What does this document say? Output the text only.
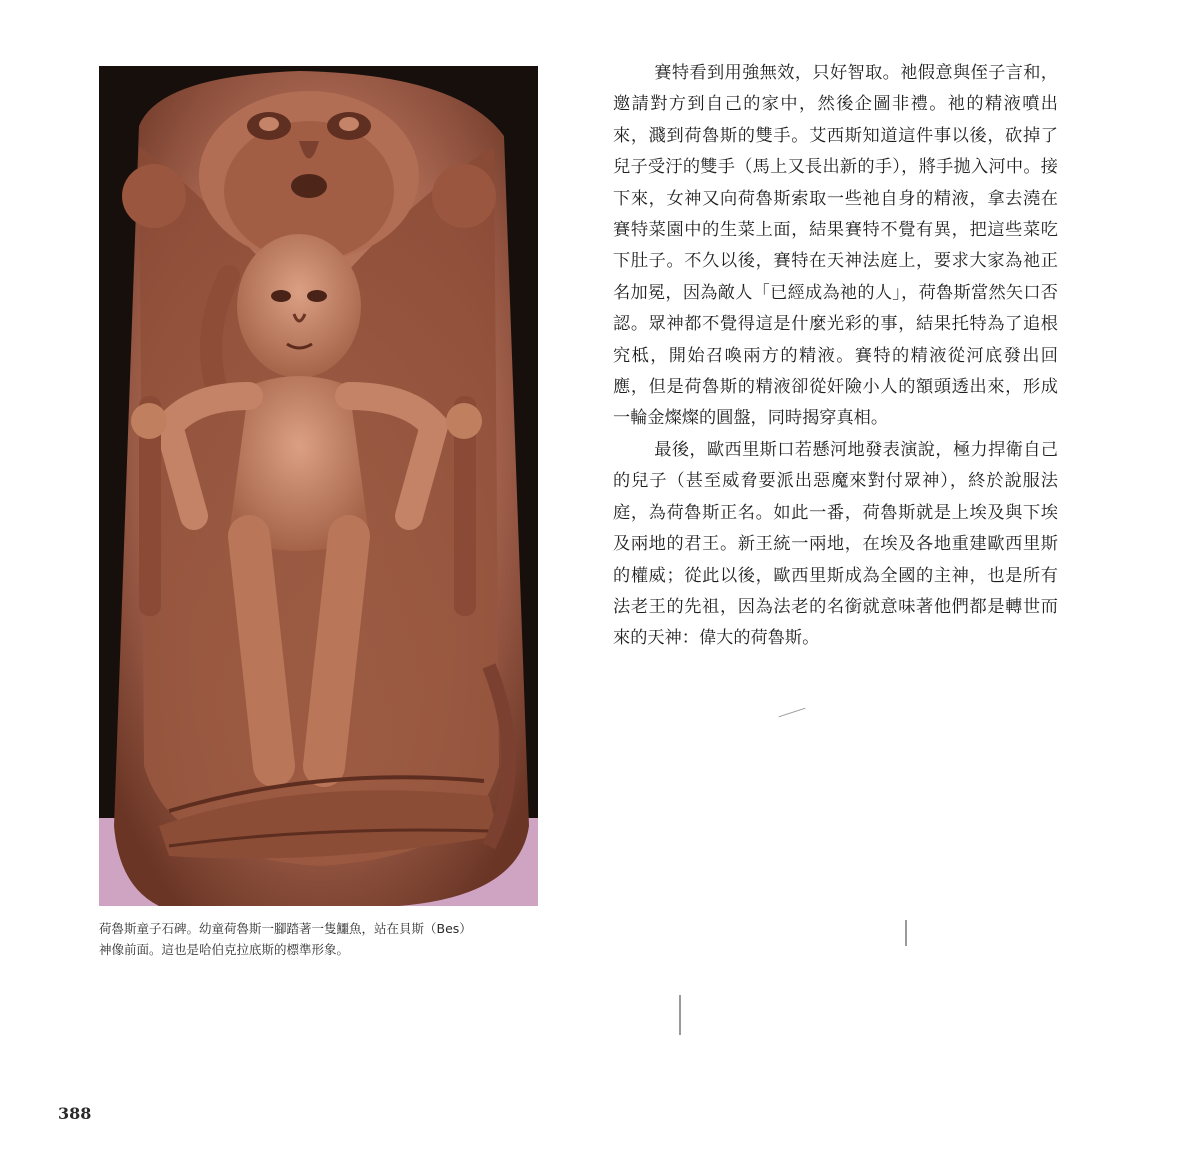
荷魯斯童子石碑。幼童荷魯斯一腳踏著一隻鱷魚，站在貝斯（Bes）

神像前面。這也是哈伯克拉底斯的標準形象。

賽特看到用強無效，只好智取。祂假意與侄子言和，邀請對方到自己的家中，然後企圖非禮。祂的精液噴出來，濺到荷魯斯的雙手。艾西斯知道這件事以後，砍掉了兒子受汙的雙手（馬上又長出新的手），將手拋入河中。接下來，女神又向荷魯斯索取一些祂自身的精液，拿去澆在賽特菜園中的生菜上面，結果賽特不覺有異，把這些菜吃下肚子。不久以後，賽特在天神法庭上，要求大家為祂正名加冕，因為敵人「已經成為祂的人」，荷魯斯當然矢口否認。眾神都不覺得這是什麼光彩的事，結果托特為了追根究柢，開始召喚兩方的精液。賽特的精液從河底發出回應，但是荷魯斯的精液卻從奸險小人的額頭透出來，形成一輪金燦燦的圓盤，同時揭穿真相。

最後，歐西里斯口若懸河地發表演說，極力捍衛自己的兒子（甚至威脅要派出惡魔來對付眾神），終於說服法庭，為荷魯斯正名。如此一番，荷魯斯就是上埃及與下埃及兩地的君王。新王統一兩地，在埃及各地重建歐西里斯的權威；從此以後，歐西里斯成為全國的主神，也是所有法老王的先祖，因為法老的名銜就意味著他們都是轉世而來的天神：偉大的荷魯斯。

388
